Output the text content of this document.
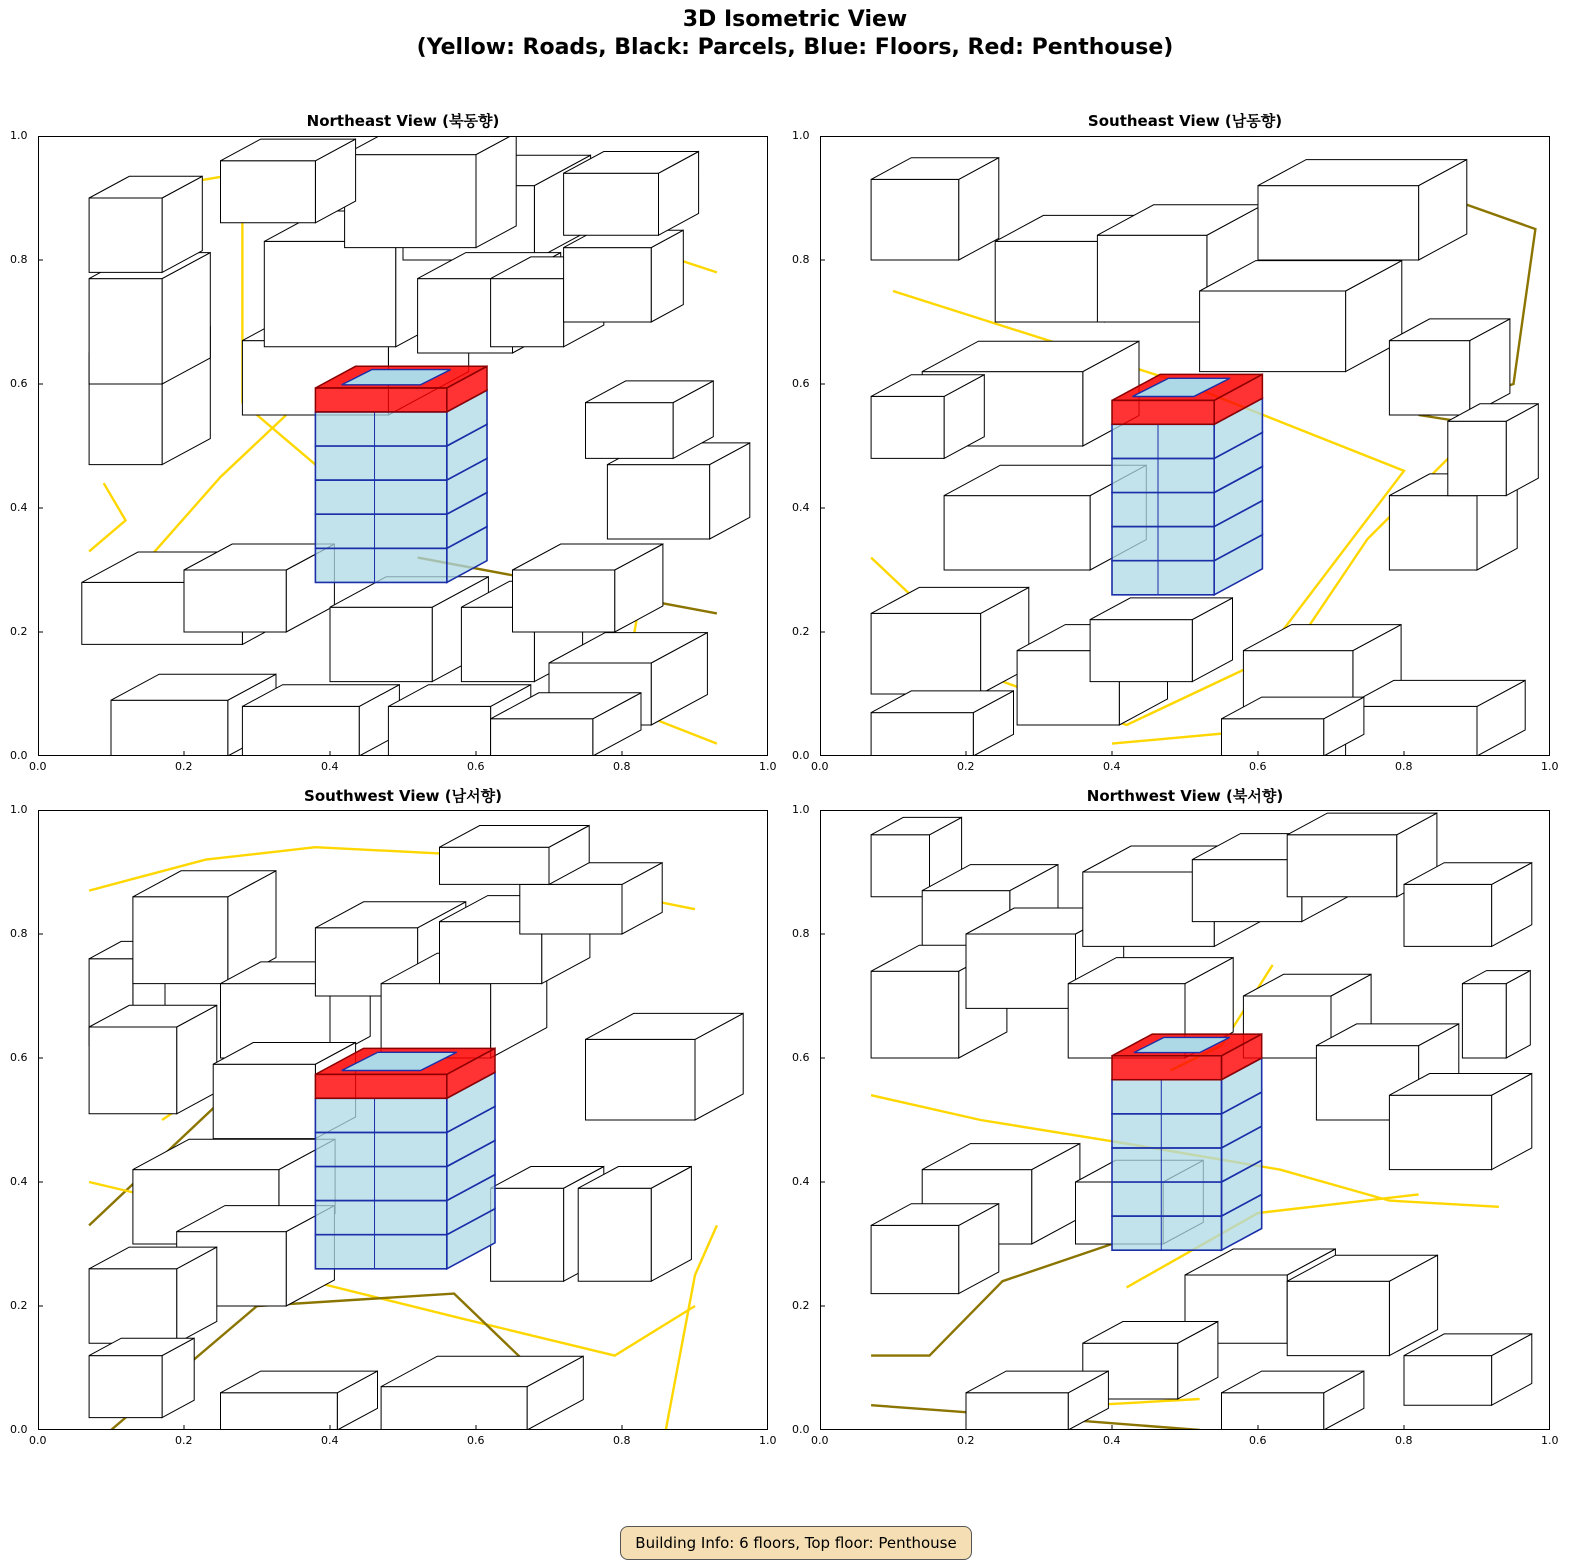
3D Isometric View
(Yellow: Roads, Black: Parcels, Blue: Floors, Red: Penthouse)
Northeast View (북동향)	Southeast View (남동향)
Southwest View (남서향)	Northwest View (북서향)
0.0
0.0
0.2
0.2
0.4
0.4
0.6
0.6
0.8
0.8
1.0
1.0
0.0
0.0
0.2
0.2
0.4
0.4
0.6
0.6
0.8
0.8
1.0
1.0
0.0
0.0
0.2
0.2
0.4
0.4
0.6
0.6
0.8
0.8
1.0
1.0
0.0
0.0
0.2
0.2
0.4
0.4
0.6
0.6
0.8
0.8
1.0
1.0
Building Info: 6 floors, Top floor: Penthouse
